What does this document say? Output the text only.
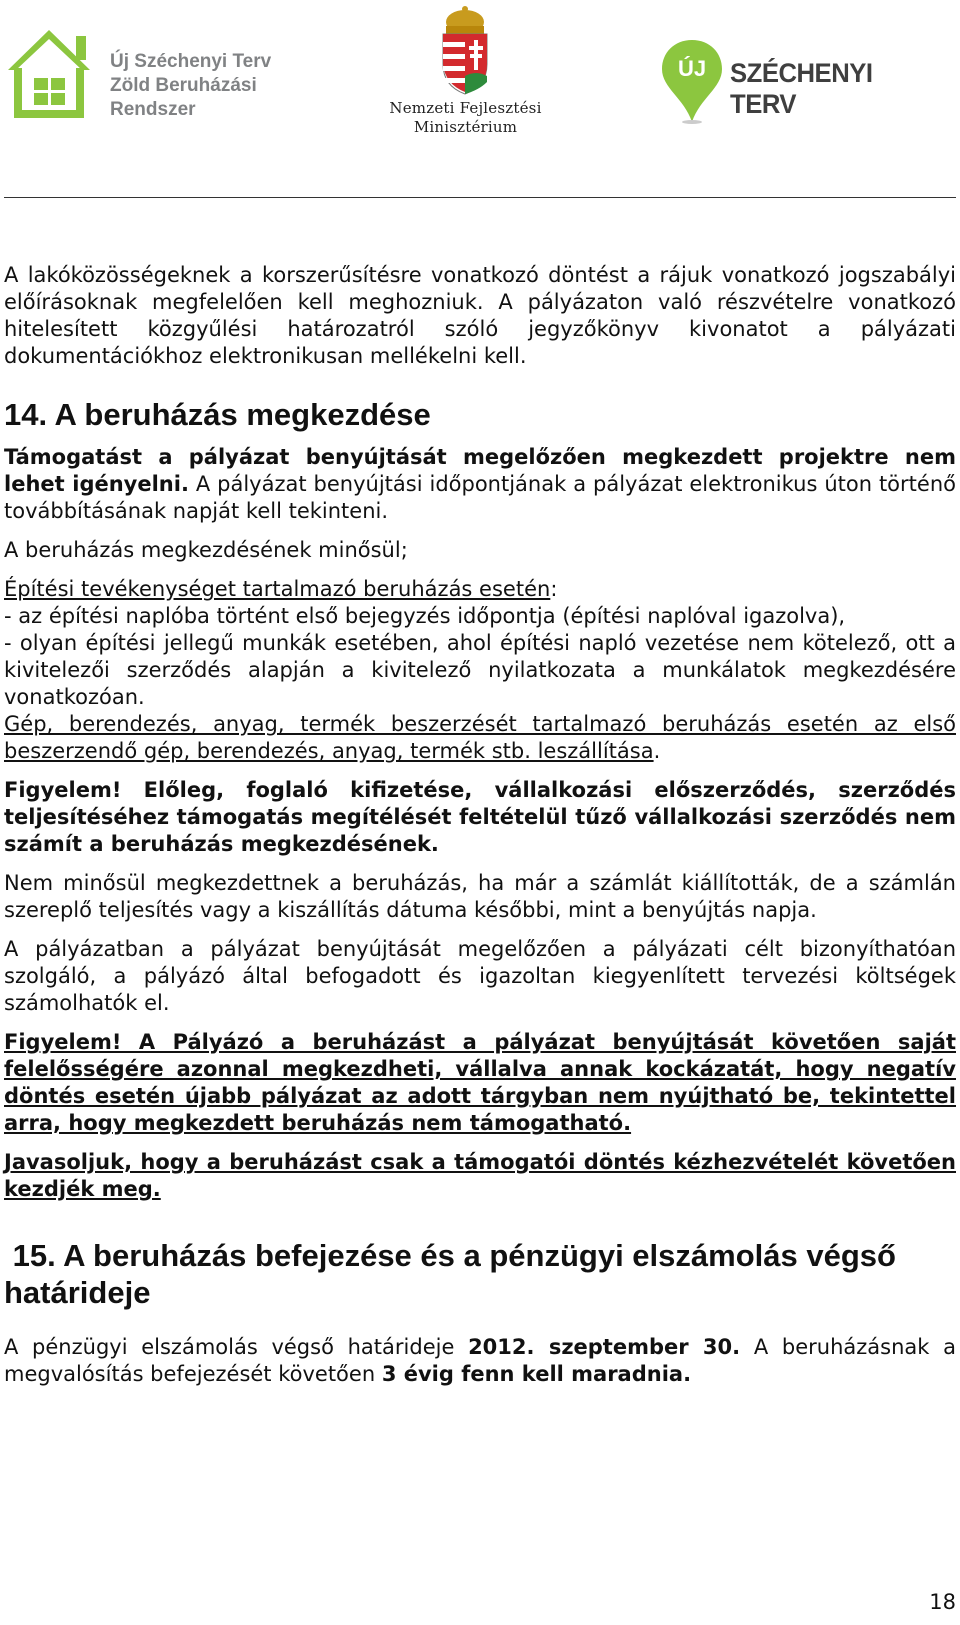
Új Széchenyi Terv
Zöld Beruházási
Rendszer	Nemzeti Fejlesztési
Minisztérium
ÚJ SZÉCHENYI TERV

A lakóközösségeknek a korszerűsítésre vonatkozó döntést a rájuk vonatkozó jogszabályi előírásoknak megfelelően kell meghozniuk. A pályázaton való részvételre vonatkozó hitelesített közgyűlési határozatról szóló jegyzőkönyv kivonatot a pályázati dokumentációkhoz elektronikusan mellékelni kell.

14. A beruházás megkezdése

Támogatást a pályázat benyújtását megelőzően megkezdett projektre nem lehet igényelni. A pályázat benyújtási időpontjának a pályázat elektronikus úton történő továbbításának napját kell tekinteni.

A beruházás megkezdésének minősül;

Építési tevékenységet tartalmazó beruházás esetén:

- az építési naplóba történt első bejegyzés időpontja (építési naplóval igazolva),

- olyan építési jellegű munkák esetében, ahol építési napló vezetése nem kötelező, ott a kivitelezői szerződés alapján a kivitelező nyilatkozata a munkálatok megkezdésére vonatkozóan.

Gép, berendezés, anyag, termék beszerzését tartalmazó beruházás esetén az első beszerzendő gép, berendezés, anyag, termék stb. leszállítása.

Figyelem! Előleg, foglaló kifizetése, vállalkozási előszerződés, szerződés teljesítéséhez támogatás megítélését feltételül tűző vállalkozási szerződés nem számít a beruházás megkezdésének.

Nem minősül megkezdettnek a beruházás, ha már a számlát kiállították, de a számlán szereplő teljesítés vagy a kiszállítás dátuma későbbi, mint a benyújtás napja.

A pályázatban a pályázat benyújtását megelőzően a pályázati célt bizonyíthatóan szolgáló, a pályázó által befogadott és igazoltan kiegyenlített tervezési költségek számolhatók el.

Figyelem! A Pályázó a beruházást a pályázat benyújtását követően saját felelősségére azonnal megkezdheti, vállalva annak kockázatát, hogy negatív döntés esetén újabb pályázat az adott tárgyban nem nyújtható be, tekintettel arra, hogy megkezdett beruházás nem támogatható.

Javasoljuk, hogy a beruházást csak a támogatói döntés kézhezvételét követően kezdjék meg.

15. A beruházás befejezése és a pénzügyi elszámolás végső határideje

A pénzügyi elszámolás végső határideje 2012. szeptember 30. A beruházásnak a megvalósítás befejezését követően 3 évig fenn kell maradnia.

18
